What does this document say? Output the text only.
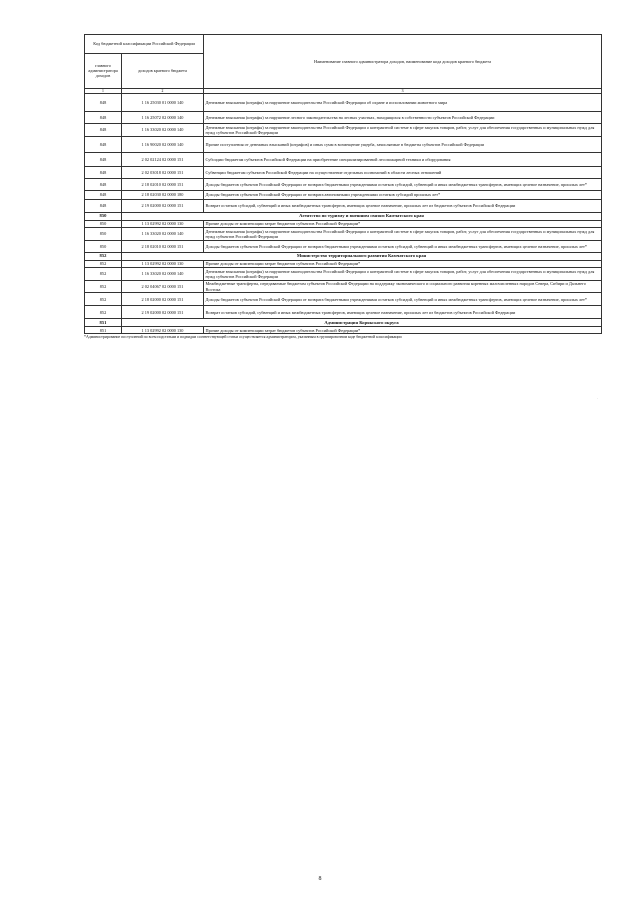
Код бюджетной классификации Российской Федерации		Наименование главного администратора доходов, наименование кода доходов краевого бюджета
главного администратора доходов	доходов краевого бюджета	
1	2	3
848	1 16 25030 01 0000 140	Денежные взыскания (штрафы) за нарушение законодательства Российской Федерации об охране и использовании животного мира
848	1 16 25072 02 0000 140	Денежные взыскания (штрафы) за нарушение лесного законодательства на лесных участках, находящихся в собственности субъектов Российской Федерации
848	1 16 33020 02 0000 140	Денежные взыскания (штрафы) за нарушение законодательства Российской Федерации о контрактной системе в сфере закупок товаров, работ, услуг для обеспечения государственных и муниципальных нужд для нужд субъектов Российской Федерации
848	1 16 90020 02 0000 140	Прочие поступления от денежных взысканий (штрафов) и иных сумм в возмещение ущерба, зачисляемые в бюджеты субъектов Российской Федерации
848	2 02 02124 02 0000 151	Субсидии бюджетам субъектов Российской Федерации на приобретение специализированной лесопожарной техники и оборудования
848	2 02 03018 02 0000 151	Субвенции бюджетам субъектов Российской Федерации на осуществление отдельных полномочий в области лесных отношений
848	2 18 02010 02 0000 151	Доходы бюджетов субъектов Российской Федерации от возврата бюджетными учреждениями остатков субсидий, субвенций и иных межбюджетных трансфертов, имеющих целевое назначение, прошлых лет*
848	2 18 02030 02 0000 180	Доходы бюджетов субъектов Российской Федерации от возврата автономными учреждениями остатков субсидий прошлых лет*
848	2 19 02000 02 0000 151	Возврат остатков субсидий, субвенций и иных межбюджетных трансфертов, имеющих целевое назначение, прошлых лет из бюджетов субъектов Российской Федерации
850	Агентство по туризму и внешним связям Камчатского края	
850	1 13 02992 02 0000 130	Прочие доходы от компенсации затрат бюджетов субъектов Российской Федерации*
850	1 16 33020 02 0000 140	Денежные взыскания (штрафы) за нарушение законодательства Российской Федерации о контрактной системе в сфере закупок товаров, работ, услуг для обеспечения государственных и муниципальных нужд для нужд субъектов Российской Федерации
850	2 18 02010 02 0000 151	Доходы бюджетов субъектов Российской Федерации от возврата бюджетными учреждениями остатков субсидий, субвенций и иных межбюджетных трансфертов, имеющих целевое назначение, прошлых лет*
852	Министерство территориального развития Камчатского края	
852	1 13 02992 02 0000 130	Прочие доходы от компенсации затрат бюджетов субъектов Российской Федерации*
852	1 16 33020 02 0000 140	Денежные взыскания (штрафы) за нарушение законодательства Российской Федерации о контрактной системе в сфере закупок товаров, работ, услуг для обеспечения государственных и муниципальных нужд для нужд субъектов Российской Федерации
852	2 02 04067 02 0000 151	Межбюджетные трансферты, передаваемые бюджетам субъектов Российской Федерации на поддержку экономического и социального развития коренных малочисленных народов Севера, Сибири и Дальнего Востока
852	2 18 02000 02 0000 151	Доходы бюджетов субъектов Российской Федерации от возврата бюджетными учреждениями остатков субсидий, субвенций и иных межбюджетных трансфертов, имеющих целевое назначение, прошлых лет*
852	2 19 02000 02 0000 151	Возврат остатков субсидий, субвенций и иных межбюджетных трансфертов, имеющих целевое назначение, прошлых лет из бюджетов субъектов Российской Федерации
851	Администрация Корякского округа	
851	1 13 02992 02 0000 130	Прочие доходы от компенсации затрат бюджетов субъектов Российской Федерации*
*Администрирование поступлений по всем подстатьям и подвидам соответствующей статьи осуществляется администратором, указанным в группировочном коде бюджетной классификации
.
8
